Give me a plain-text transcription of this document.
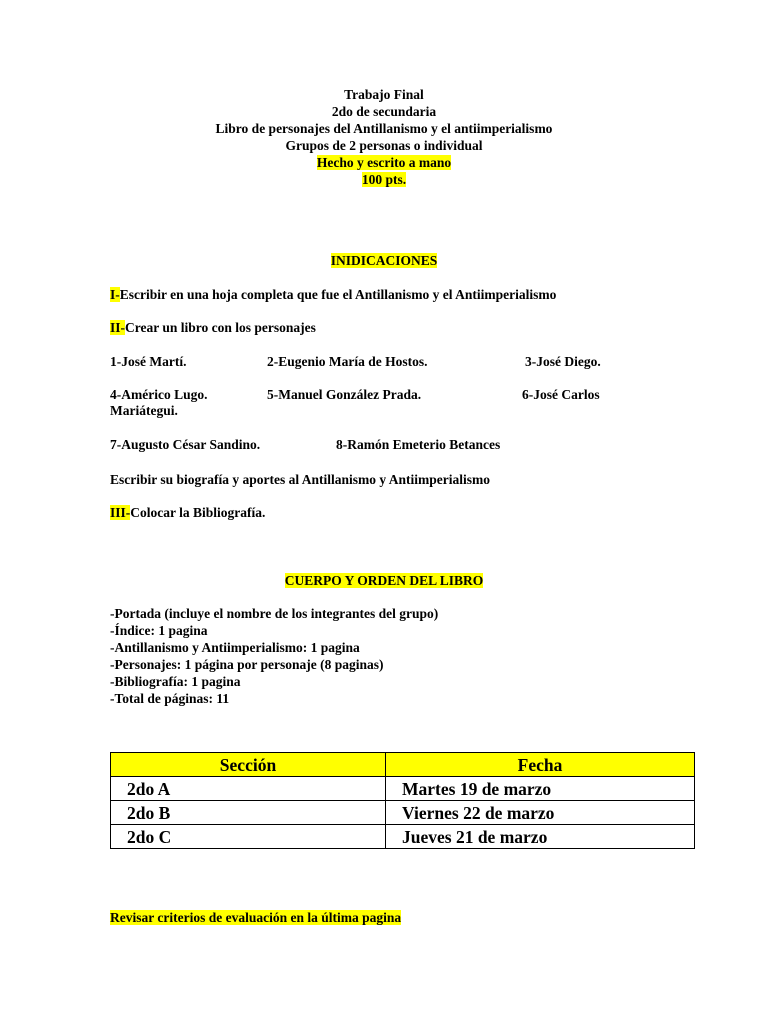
Trabajo Final
2do de secundaria
Libro de personajes del Antillanismo y el antiimperialismo
Grupos de 2 personas o individual
Hecho y escrito a mano
100 pts.
INIDICACIONES
I-Escribir en una hoja completa que fue el Antillanismo y el Antiimperialismo
II-Crear un libro con los personajes
1-José Martí.	2-Eugenio María de Hostos.	3-José Diego.
4-Américo Lugo.	5-Manuel González Prada.	6-José Carlos
Mariátegui.
7-Augusto César Sandino.	8-Ramón Emeterio Betances
Escribir su biografía y aportes al Antillanismo y Antiimperialismo
III-Colocar la Bibliografía.
CUERPO Y ORDEN DEL LIBRO
-Portada (incluye el nombre de los integrantes del grupo)
-Índice: 1 pagina
-Antillanismo y Antiimperialismo: 1 pagina
-Personajes: 1 página por personaje (8 paginas)
-Bibliografía: 1 pagina
-Total de páginas: 11
Sección	Fecha
2do A	Martes 19 de marzo
2do B	Viernes 22 de marzo
2do C	Jueves 21 de marzo
Revisar criterios de evaluación en la última pagina
